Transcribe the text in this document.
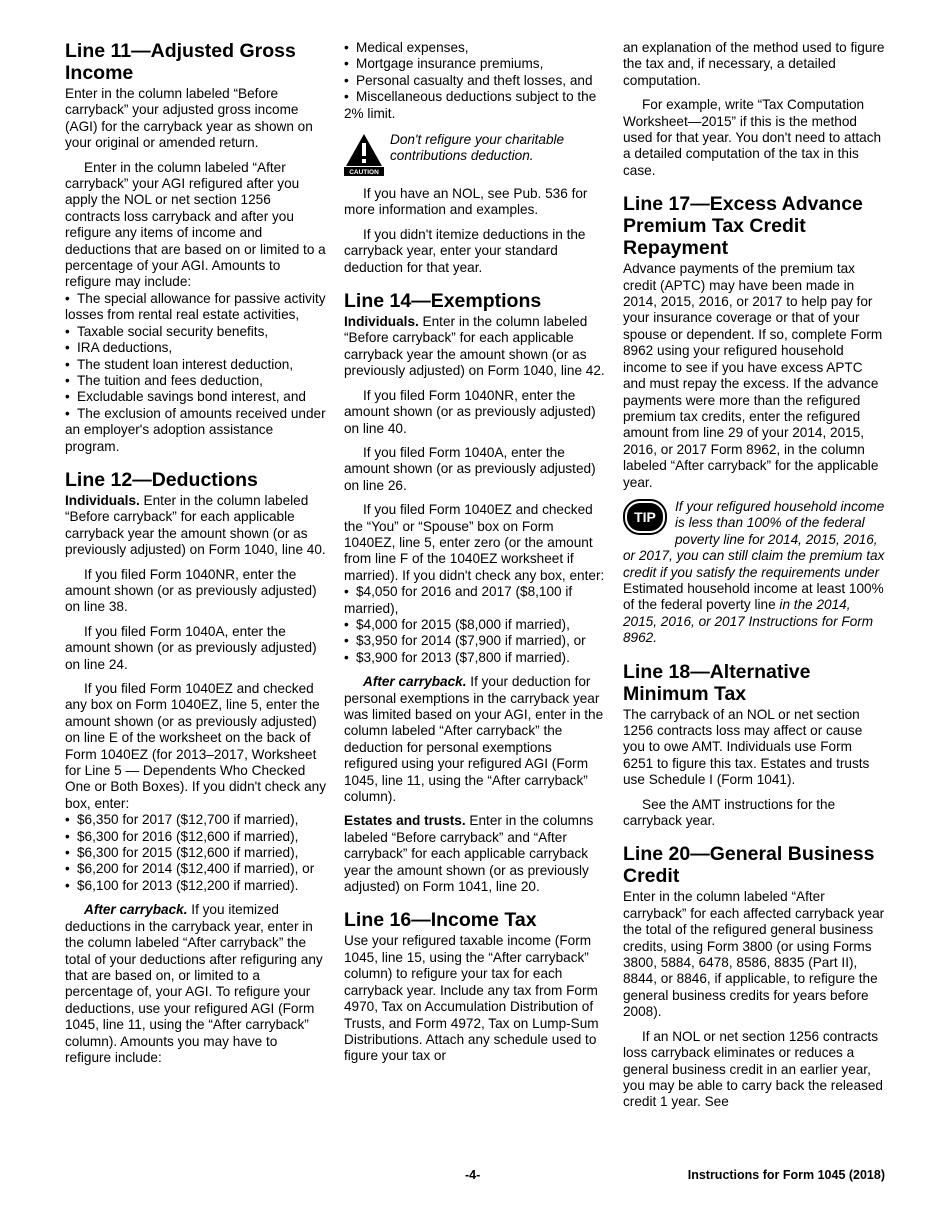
Line 11—Adjusted Gross Income

Enter in the column labeled “Before carryback” your adjusted gross income (AGI) for the carryback year as shown on your original or amended return.

Enter in the column labeled “After carryback” your AGI refigured after you apply the NOL or net section 1256 contracts loss carryback and after you refigure any items of income and deductions that are based on or limited to a percentage of your AGI. Amounts to refigure may include:

• The special allowance for passive activity losses from rental real estate activities,
• Taxable social security benefits,
• IRA deductions,
• The student loan interest deduction,
• The tuition and fees deduction,
• Excludable savings bond interest, and
• The exclusion of amounts received under an employer's adoption assistance program.
Line 12—Deductions

Individuals. Enter in the column labeled “Before carryback” for each applicable carryback year the amount shown (or as previously adjusted) on Form 1040, line 40.

If you filed Form 1040NR, enter the amount shown (or as previously adjusted) on line 38.

If you filed Form 1040A, enter the amount shown (or as previously adjusted) on line 24.

If you filed Form 1040EZ and checked any box on Form 1040EZ, line 5, enter the amount shown (or as previously adjusted) on line E of the worksheet on the back of Form 1040EZ (for 2013–2017, Worksheet for Line 5 — Dependents Who Checked One or Both Boxes). If you didn't check any box, enter:

• $6,350 for 2017 ($12,700 if married),
• $6,300 for 2016 ($12,600 if married),
• $6,300 for 2015 ($12,600 if married),
• $6,200 for 2014 ($12,400 if married), or
• $6,100 for 2013 ($12,200 if married).

After carryback. If you itemized deductions in the carryback year, enter in the column labeled “After carryback” the total of your deductions after refiguring any that are based on, or limited to a percentage of, your AGI. To refigure your deductions, use your refigured AGI (Form 1045, line 11, using the “After carryback” column). Amounts you may have to refigure include:

• Medical expenses,
• Mortgage insurance premiums,
• Personal casualty and theft losses, and
• Miscellaneous deductions subject to the 2% limit.
CAUTION
Don't refigure your charitable contributions deduction.

If you have an NOL, see Pub. 536 for more information and examples.

If you didn't itemize deductions in the carryback year, enter your standard deduction for that year.

Line 14—Exemptions

Individuals. Enter in the column labeled “Before carryback” for each applicable carryback year the amount shown (or as previously adjusted) on Form 1040, line 42.

If you filed Form 1040NR, enter the amount shown (or as previously adjusted) on line 40.

If you filed Form 1040A, enter the amount shown (or as previously adjusted) on line 26.

If you filed Form 1040EZ and checked the “You” or “Spouse” box on Form 1040EZ, line 5, enter zero (or the amount from line F of the 1040EZ worksheet if married). If you didn't check any box, enter:

• $4,050 for 2016 and 2017 ($8,100 if married),
• $4,000 for 2015 ($8,000 if married),
• $3,950 for 2014 ($7,900 if married), or
• $3,900 for 2013 ($7,800 if married).

After carryback. If your deduction for personal exemptions in the carryback year was limited based on your AGI, enter in the column labeled “After carryback” the deduction for personal exemptions refigured using your refigured AGI (Form 1045, line 11, using the “After carryback” column).

Estates and trusts. Enter in the columns labeled “Before carryback” and “After carryback” for each applicable carryback year the amount shown (or as previously adjusted) on Form 1041, line 20.

Line 16—Income Tax

Use your refigured taxable income (Form 1045, line 15, using the “After carryback” column) to refigure your tax for each carryback year. Include any tax from Form 4970, Tax on Accumulation Distribution of Trusts, and Form 4972, Tax on Lump-Sum Distributions. Attach any schedule used to figure your tax or

an explanation of the method used to figure the tax and, if necessary, a detailed computation.

For example, write “Tax Computation Worksheet—2015” if this is the method used for that year. You don't need to attach a detailed computation of the tax in this case.

Line 17—Excess Advance Premium Tax Credit Repayment

Advance payments of the premium tax credit (APTC) may have been made in 2014, 2015, 2016, or 2017 to help pay for your insurance coverage or that of your spouse or dependent. If so, complete Form 8962 using your refigured household income to see if you have excess APTC and must repay the excess. If the advance payments were more than the refigured premium tax credits, enter the refigured amount from line 29 of your 2014, 2015, 2016, or 2017 Form 8962, in the column labeled “After carryback” for the applicable year.

TIP
If your refigured household income is less than 100% of the federal poverty line for 2014, 2015, 2016, or 2017, you can still claim the premium tax credit if you satisfy the requirements under Estimated household income at least 100% of the federal poverty line in the 2014, 2015, 2016, or 2017 Instructions for Form 8962.
Line 18—Alternative Minimum Tax

The carryback of an NOL or net section 1256 contracts loss may affect or cause you to owe AMT. Individuals use Form 6251 to figure this tax. Estates and trusts use Schedule I (Form 1041).

See the AMT instructions for the carryback year.

Line 20—General Business Credit

Enter in the column labeled “After carryback” for each affected carryback year the total of the refigured general business credits, using Form 3800 (or using Forms 3800, 5884, 6478, 8586, 8835 (Part II), 8844, or 8846, if applicable, to refigure the general business credits for years before 2008).

If an NOL or net section 1256 contracts loss carryback eliminates or reduces a general business credit in an earlier year, you may be able to carry back the released credit 1 year. See

-4-	Instructions for Form 1045 (2018)
